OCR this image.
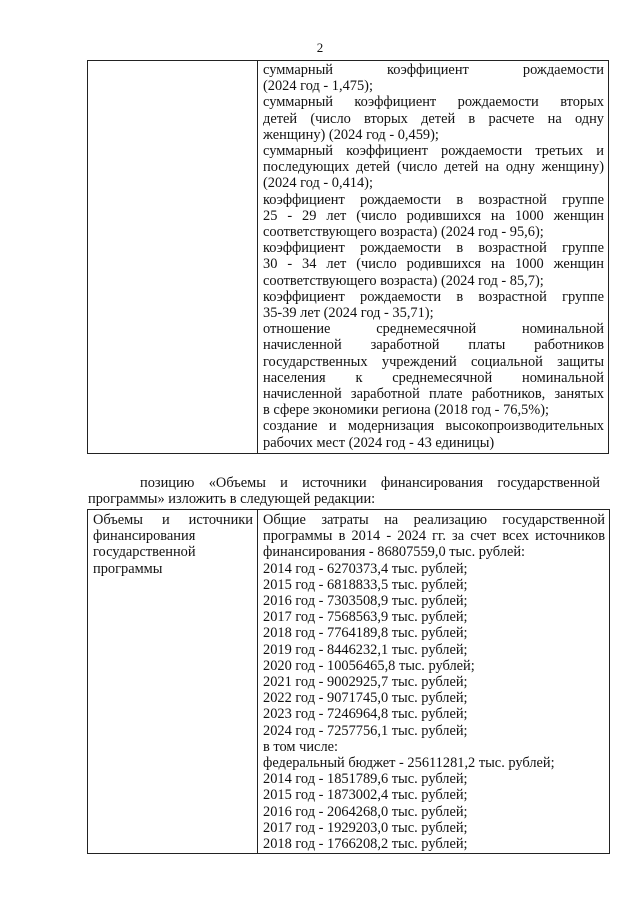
2

суммарный коэффициент рождаемости
(2024 год - 1,475);
суммарный коэффициент рождаемости вторых
детей (число вторых детей в расчете на одну
женщину) (2024 год - 0,459);
суммарный коэффициент рождаемости третьих и
последующих детей (число детей на одну женщину)
(2024 год - 0,414);
коэффициент рождаемости в возрастной группе
25 - 29 лет (число родившихся на 1000 женщин
соответствующего возраста) (2024 год - 95,6);
коэффициент рождаемости в возрастной группе
30 - 34 лет (число родившихся на 1000 женщин
соответствующего возраста) (2024 год - 85,7);
коэффициент рождаемости в возрастной группе
35-39 лет (2024 год - 35,71);
отношение среднемесячной номинальной
начисленной заработной платы работников
государственных учреждений социальной защиты
населения к среднемесячной номинальной
начисленной заработной плате работников, занятых
в сфере экономики региона (2018 год - 76,5%);
создание и модернизация высокопроизводительных
рабочих мест (2024 год - 43 единицы)
позицию «Объемы и источники финансирования государственной
программы» изложить в следующей редакции:
Объемы и источники
финансирования
государственной
программы

Общие затраты на реализацию государственной
программы в 2014 - 2024 гг. за счет всех источников
финансирования - 86807559,0 тыс. рублей:
2014 год - 6270373,4 тыс. рублей;
2015 год - 6818833,5 тыс. рублей;
2016 год - 7303508,9 тыс. рублей;
2017 год - 7568563,9 тыс. рублей;
2018 год - 7764189,8 тыс. рублей;
2019 год - 8446232,1 тыс. рублей;
2020 год - 10056465,8 тыс. рублей;
2021 год - 9002925,7 тыс. рублей;
2022 год - 9071745,0 тыс. рублей;
2023 год - 7246964,8 тыс. рублей;
2024 год - 7257756,1 тыс. рублей;
в том числе:
федеральный бюджет - 25611281,2 тыс. рублей;
2014 год - 1851789,6 тыс. рублей;
2015 год - 1873002,4 тыс. рублей;
2016 год - 2064268,0 тыс. рублей;
2017 год - 1929203,0 тыс. рублей;
2018 год - 1766208,2 тыс. рублей;
